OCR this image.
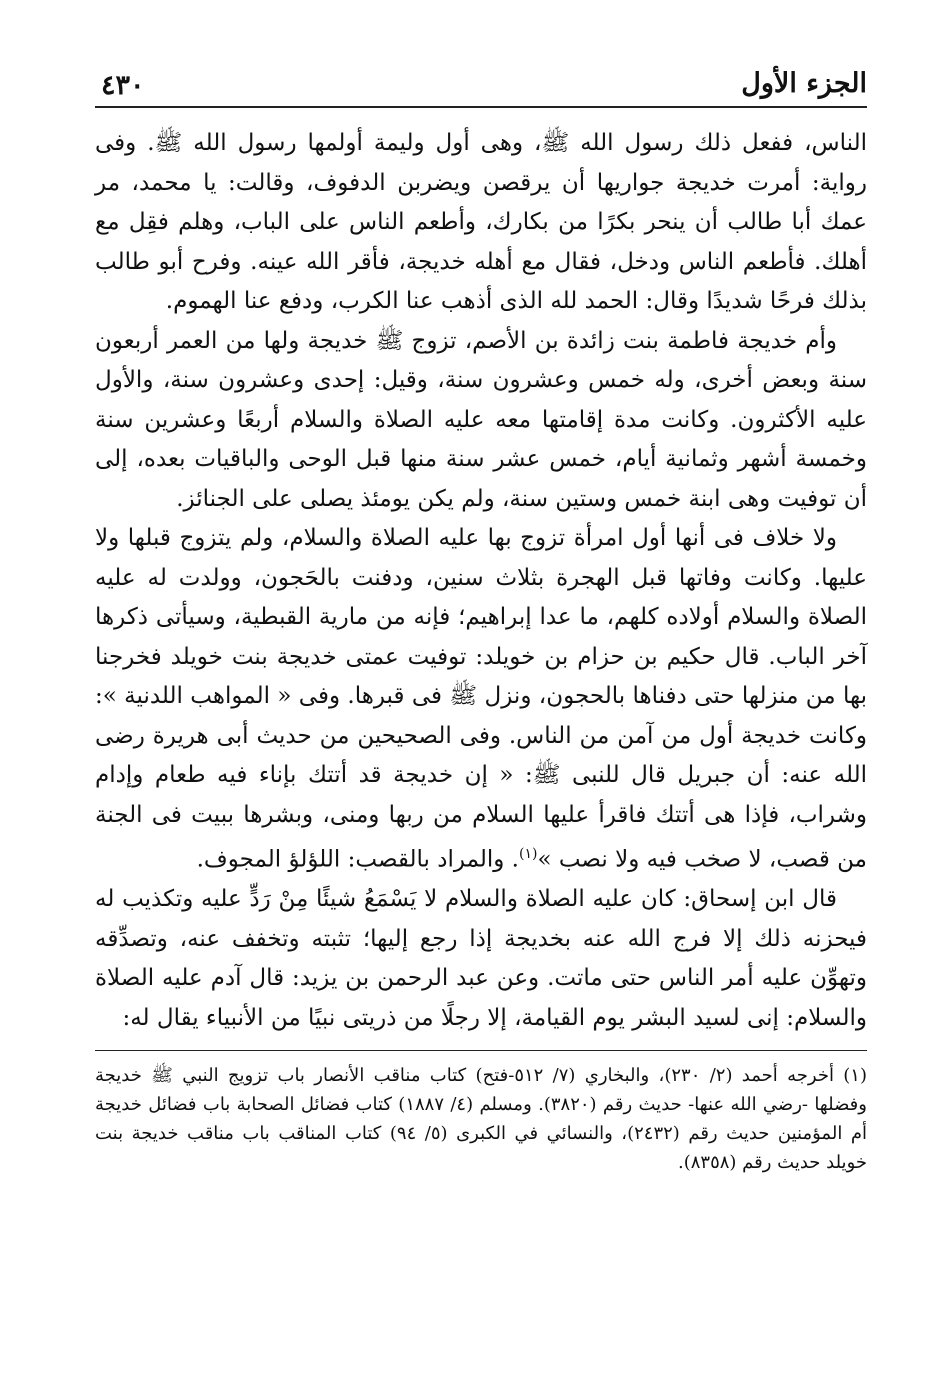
الجزء الأول
٤٣٠

الناس، ففعل ذلك رسول الله ﷺ، وهى أول وليمة أولمها رسول الله ﷺ. وفى رواية: أمرت خديجة جواريها أن يرقصن ويضربن الدفوف، وقالت: يا محمد، مر عمك أبا طالب أن ينحر بكرًا من بكارك، وأطعم الناس على الباب، وهلم فقِل مع أهلك. فأطعم الناس ودخل، فقال مع أهله خديجة، فأقر الله عينه. وفرح أبو طالب بذلك فرحًا شديدًا وقال: الحمد لله الذى أذهب عنا الكرب، ودفع عنا الهموم.

وأم خديجة فاطمة بنت زائدة بن الأصم، تزوج ﷺ خديجة ولها من العمر أربعون سنة وبعض أخرى، وله خمس وعشرون سنة، وقيل: إحدى وعشرون سنة، والأول عليه الأكثرون. وكانت مدة إقامتها معه عليه الصلاة والسلام أربعًا وعشرين سنة وخمسة أشهر وثمانية أيام، خمس عشر سنة منها قبل الوحى والباقيات بعده، إلى أن توفيت وهى ابنة خمس وستين سنة، ولم يكن يومئذ يصلى على الجنائز.

ولا خلاف فى أنها أول امرأة تزوج بها عليه الصلاة والسلام، ولم يتزوج قبلها ولا عليها. وكانت وفاتها قبل الهجرة بثلاث سنين، ودفنت بالحَجون، وولدت له عليه الصلاة والسلام أولاده كلهم، ما عدا إبراهيم؛ فإنه من مارية القبطية، وسيأتى ذكرها آخر الباب. قال حكيم بن حزام بن خويلد: توفيت عمتى خديجة بنت خويلد فخرجنا بها من منزلها حتى دفناها بالحجون، ونزل ﷺ فى قبرها. وفى « المواهب اللدنية »: وكانت خديجة أول من آمن من الناس. وفى الصحيحين من حديث أبى هريرة رضى الله عنه: أن جبريل قال للنبى ﷺ: « إن خديجة قد أتتك بإناء فيه طعام وإدام وشراب، فإذا هى أتتك فاقرأ عليها السلام من ربها ومنى، وبشرها ببيت فى الجنة من قصب، لا صخب فيه ولا نصب »$^{(١)}$. والمراد بالقصب: اللؤلؤ المجوف.

قال ابن إسحاق: كان عليه الصلاة والسلام لا يَسْمَعُ شيئًا مِنْ رَدٍّ عليه وتكذيب له فيحزنه ذلك إلا فرج الله عنه بخديجة إذا رجع إليها؛ تثبته وتخفف عنه، وتصدِّقه وتهوِّن عليه أمر الناس حتى ماتت. وعن عبد الرحمن بن يزيد: قال آدم عليه الصلاة والسلام: إنى لسيد البشر يوم القيامة، إلا رجلًا من ذريتى نبيًا من الأنبياء يقال له:

(١) أخرجه أحمد (٢/ ٢٣٠)، والبخاري (٧/ ٥١٢-فتح) كتاب مناقب الأنصار باب تزويج النبي ﷺ خديجة وفضلها -رضي الله عنها- حديث رقم (٣٨٢٠). ومسلم (٤/ ١٨٨٧) كتاب فضائل الصحابة باب فضائل خديجة أم المؤمنين حديث رقم (٢٤٣٢)، والنسائي في الكبرى (٥/ ٩٤) كتاب المناقب باب مناقب خديجة بنت خويلد حديث رقم (٨٣٥٨).
